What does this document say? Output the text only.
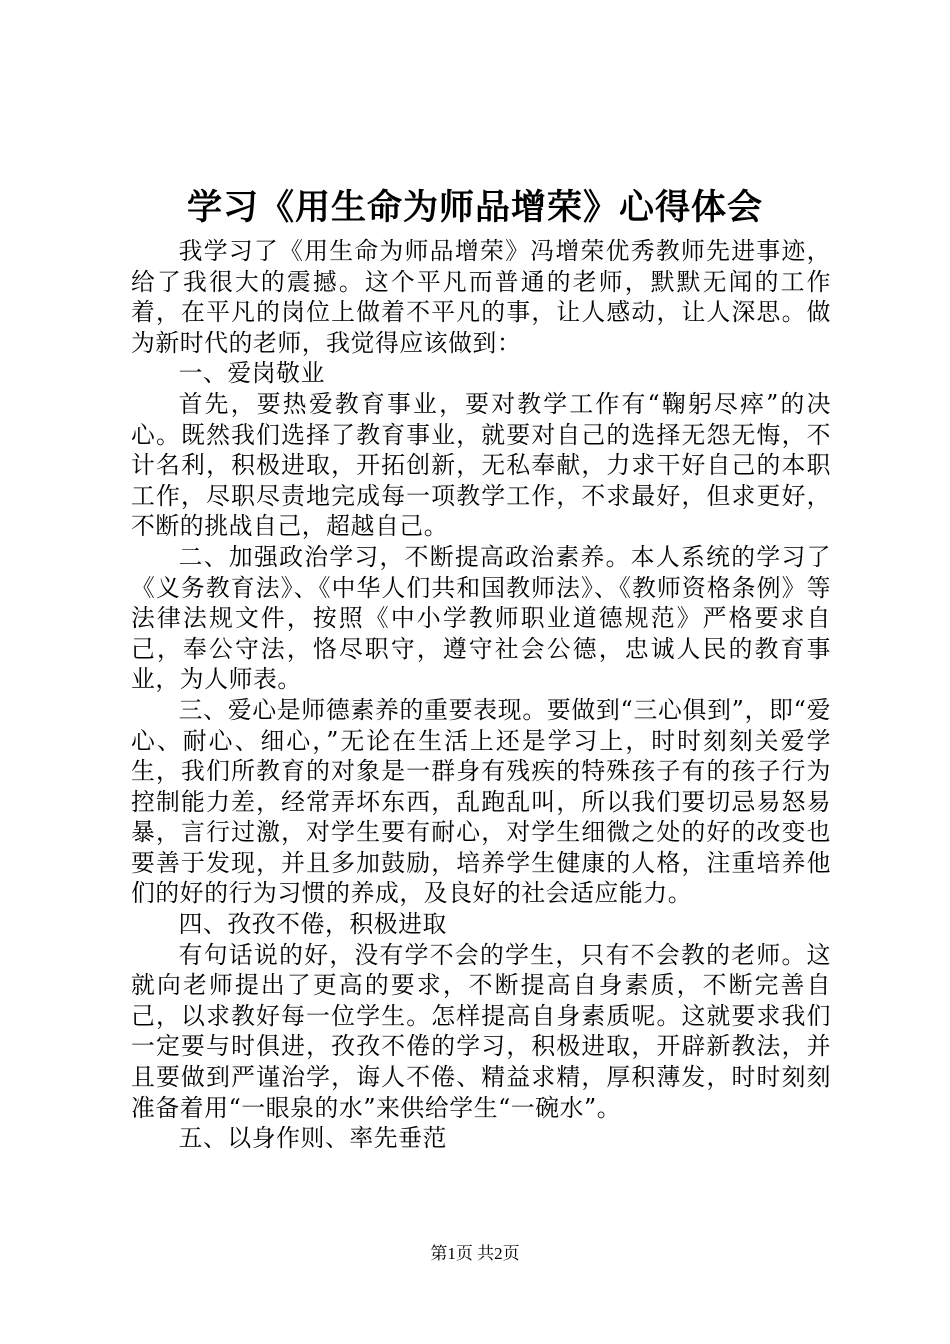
学习《用生命为师品增荣》心得体会

我学习了《用生命为师品增荣》冯增荣优秀教师先进事迹，给了我很大的震撼。这个平凡而普通的老师，默默无闻的工作着，在平凡的岗位上做着不平凡的事，让人感动，让人深思。做为新时代的老师，我觉得应该做到：

一、爱岗敬业

首先，要热爱教育事业，要对教学工作有“鞠躬尽瘁”的决心。既然我们选择了教育事业，就要对自己的选择无怨无悔，不计名利，积极进取，开拓创新，无私奉献，力求干好自己的本职工作，尽职尽责地完成每一项教学工作，不求最好，但求更好，不断的挑战自己，超越自己。

二、加强政治学习，不断提高政治素养。本人系统的学习了《义务教育法》、《中华人们共和国教师法》、《教师资格条例》等法律法规文件，按照《中小学教师职业道德规范》严格要求自己，奉公守法，恪尽职守，遵守社会公德，忠诚人民的教育事业，为人师表。

三、爱心是师德素养的重要表现。要做到“三心俱到”，即“爱心、耐心、细心，”无论在生活上还是学习上，时时刻刻关爱学生，我们所教育的对象是一群身有残疾的特殊孩子有的孩子行为控制能力差，经常弄坏东西，乱跑乱叫，所以我们要切忌易怒易暴，言行过激，对学生要有耐心，对学生细微之处的好的改变也要善于发现，并且多加鼓励，培养学生健康的人格，注重培养他们的好的行为习惯的养成，及良好的社会适应能力。

四、孜孜不倦，积极进取

有句话说的好，没有学不会的学生，只有不会教的老师。这就向老师提出了更高的要求，不断提高自身素质，不断完善自己，以求教好每一位学生。怎样提高自身素质呢。这就要求我们一定要与时俱进，孜孜不倦的学习，积极进取，开辟新教法，并且要做到严谨治学，诲人不倦、精益求精，厚积薄发，时时刻刻准备着用“一眼泉的水”来供给学生“一碗水”。

五、以身作则、率先垂范

第1页 共2页
